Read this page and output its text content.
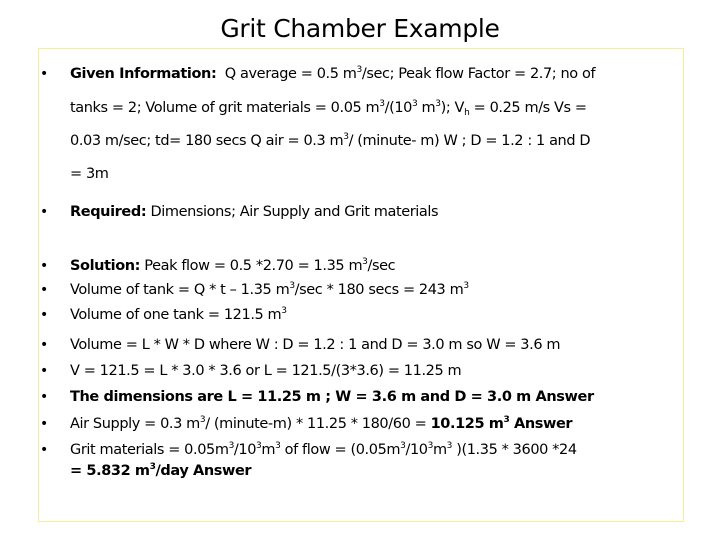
Grit Chamber Example
• Given Information: Q average = 0.5 $m^3/\sec$; Peak flow Factor = 2.7; no of
tanks = 2; Volume of grit materials = 0.05 $m^3/(10^3$ $m^3$); $V_h = 0.25$ m/s Vs =
0.03 m/sec; td= 180 secs Q air = 0.3 $m^3/$ (minute- m) W ; D = 1.2 : 1 and D
= 3m
• Required: Dimensions; Air Supply and Grit materials
• Solution: Peak flow = 0.5 *2.70 = 1.35 $m^3/\sec$
• Volume of tank = Q * t – 1.35 $m^3/\sec * 180$ secs = 243 $m^3$
• Volume of one tank = 121.5 $m^3$
• Volume = L * W * D where W : D = 1.2 : 1 and D = 3.0 m so W = 3.6 m
• V = 121.5 = L * 3.0 * 3.6 or L = 121.5/(3*3.6) = 11.25 m
• The dimensions are L = 11.25 m ; W = 3.6 m and D = 3.0 m Answer
• Air Supply = 0.3 $m^3/$ (minute-m) * 11.25 * 180/60 = 10.125 $m^3$ Answer
• Grit materials = $0.05m^3/10^3m^3$ of flow = ($0.05m^3/10^3m^3$ )(1.35 * 3600 *24
= 5.832 $m^3$/day Answer
